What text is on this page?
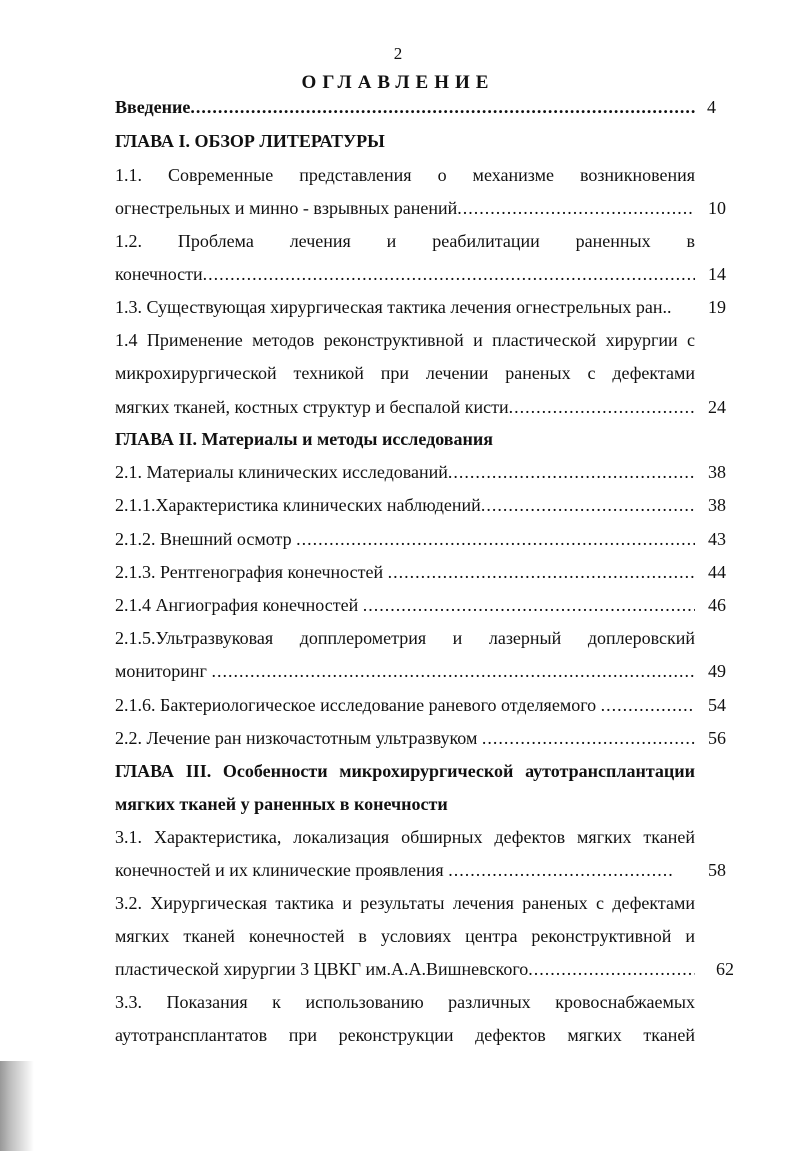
2
ОГЛАВЛЕНИЕ
Введение .....	4
ГЛАВА I. ОБЗОР ЛИТЕРАТУРЫ
1.1. Современные представления о механизме возникновения
огнестрельных и минно - взрывных ранений .....	10
1.2. Проблема лечения и реабилитации раненных в
конечности .....	14
1.3. Существующая хирургическая тактика лечения огнестрельных ран..	19
1.4 Применение методов реконструктивной и пластической хирургии с
микрохирургической техникой при лечении раненых с дефектами
мягких тканей, костных структур и беспалой кисти .....	24
ГЛАВА II. Материалы и методы исследования
2.1. Материалы клинических исследований .....	38
2.1.1.Характеристика клинических наблюдений .....	38
2.1.2. Внешний осмотр .....	43
2.1.3. Рентгенография конечностей .....	44
2.1.4 Ангиография конечностей .....	46
2.1.5.Ультразвуковая допплерометрия и лазерный доплеровский
мониторинг .....	49
2.1.6. Бактериологическое исследование раневого отделяемого .....	54
2.2. Лечение ран низкочастотным ультразвуком .....	56
ГЛАВА III. Особенности микрохирургической аутотрансплантации
мягких тканей у раненных в конечности
3.1. Характеристика, локализация обширных дефектов мягких тканей
конечностей и их клинические проявления .....	58
3.2. Хирургическая тактика и результаты лечения раненых с дефектами
мягких тканей конечностей в условиях центра реконструктивной и
пластической хирургии 3 ЦВКГ им.А.А.Вишневского .....	62
3.3. Показания к использованию различных кровоснабжаемых
аутотрансплантатов при реконструкции дефектов мягких тканей
